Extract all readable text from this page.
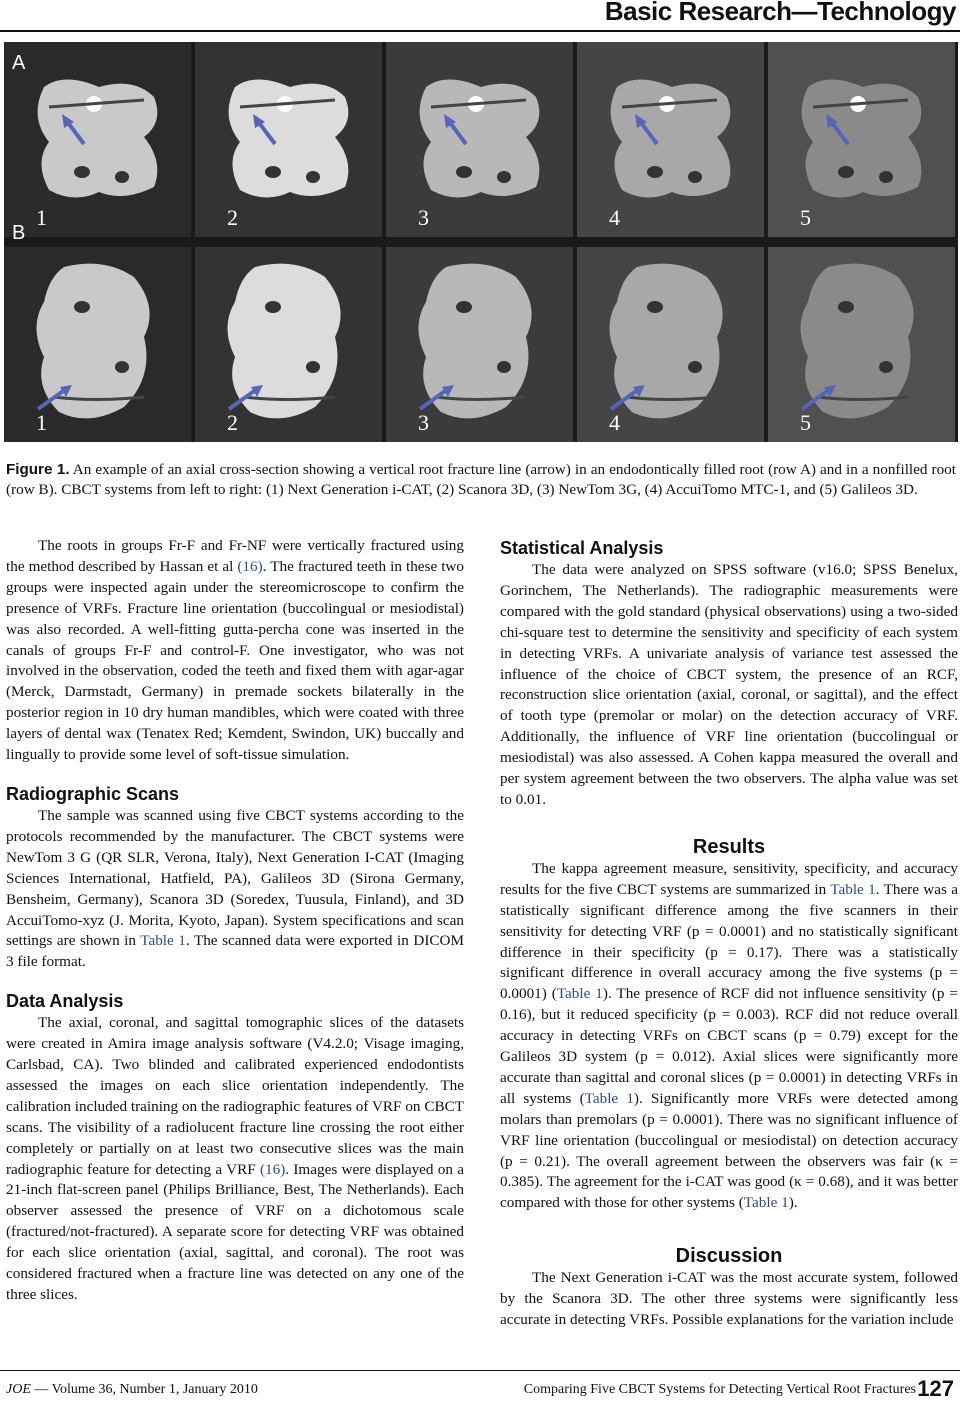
Basic Research—Technology
A
B
1	2	3	4	5
1	2	3	4	5
Figure 1. An example of an axial cross-section showing a vertical root fracture line (arrow) in an endodontically filled root (row A) and in a nonfilled root (row B). CBCT systems from left to right: (1) Next Generation i-CAT, (2) Scanora 3D, (3) NewTom 3G, (4) AccuiTomo MTC-1, and (5) Galileos 3D.

The roots in groups Fr-F and Fr-NF were vertically fractured using the method described by Hassan et al (16). The fractured teeth in these two groups were inspected again under the stereomicroscope to confirm the presence of VRFs. Fracture line orientation (buccolingual or mesiodistal) was also recorded. A well-fitting gutta-percha cone was inserted in the canals of groups Fr-F and control-F. One investigator, who was not involved in the observation, coded the teeth and fixed them with agar-agar (Merck, Darmstadt, Germany) in premade sockets bilaterally in the posterior region in 10 dry human mandibles, which were coated with three layers of dental wax (Tenatex Red; Kemdent, Swindon, UK) buccally and lingually to provide some level of soft-tissue simulation.

Radiographic Scans

The sample was scanned using five CBCT systems according to the protocols recommended by the manufacturer. The CBCT systems were NewTom 3 G (QR SLR, Verona, Italy), Next Generation I-CAT (Imaging Sciences International, Hatfield, PA), Galileos 3D (Sirona Germany, Bensheim, Germany), Scanora 3D (Soredex, Tuusula, Finland), and 3D AccuiTomo-xyz (J. Morita, Kyoto, Japan). System specifications and scan settings are shown in Table 1. The scanned data were exported in DICOM 3 file format.

Data Analysis

The axial, coronal, and sagittal tomographic slices of the datasets were created in Amira image analysis software (V4.2.0; Visage imaging, Carlsbad, CA). Two blinded and calibrated experienced endodontists assessed the images on each slice orientation independently. The calibration included training on the radiographic features of VRF on CBCT scans. The visibility of a radiolucent fracture line crossing the root either completely or partially on at least two consecutive slices was the main radiographic feature for detecting a VRF (16). Images were displayed on a 21-inch flat-screen panel (Philips Brilliance, Best, The Netherlands). Each observer assessed the presence of VRF on a dichotomous scale (fractured/not-fractured). A separate score for detecting VRF was obtained for each slice orientation (axial, sagittal, and coronal). The root was considered fractured when a fracture line was detected on any one of the three slices.

Statistical Analysis

The data were analyzed on SPSS software (v16.0; SPSS Benelux, Gorinchem, The Netherlands). The radiographic measurements were compared with the gold standard (physical observations) using a two-sided chi-square test to determine the sensitivity and specificity of each system in detecting VRFs. A univariate analysis of variance test assessed the influence of the choice of CBCT system, the presence of an RCF, reconstruction slice orientation (axial, coronal, or sagittal), and the effect of tooth type (premolar or molar) on the detection accuracy of VRF. Additionally, the influence of VRF line orientation (buccolingual or mesiodistal) was also assessed. A Cohen kappa measured the overall and per system agreement between the two observers. The alpha value was set to 0.01.

Results

The kappa agreement measure, sensitivity, specificity, and accuracy results for the five CBCT systems are summarized in Table 1. There was a statistically significant difference among the five scanners in their sensitivity for detecting VRF (p = 0.0001) and no statistically significant difference in their specificity (p = 0.17). There was a statistically significant difference in overall accuracy among the five systems (p = 0.0001) (Table 1). The presence of RCF did not influence sensitivity (p = 0.16), but it reduced specificity (p = 0.003). RCF did not reduce overall accuracy in detecting VRFs on CBCT scans (p = 0.79) except for the Galileos 3D system (p = 0.012). Axial slices were significantly more accurate than sagittal and coronal slices (p = 0.0001) in detecting VRFs in all systems (Table 1). Significantly more VRFs were detected among molars than premolars (p = 0.0001). There was no significant influence of VRF line orientation (buccolingual or mesiodistal) on detection accuracy (p = 0.21). The overall agreement between the observers was fair (κ = 0.385). The agreement for the i-CAT was good (κ = 0.68), and it was better compared with those for other systems (Table 1).

Discussion

The Next Generation i-CAT was the most accurate system, followed by the Scanora 3D. The other three systems were significantly less accurate in detecting VRFs. Possible explanations for the variation include

JOE — Volume 36, Number 1, January 2010	Comparing Five CBCT Systems for Detecting Vertical Root Fractures 127
